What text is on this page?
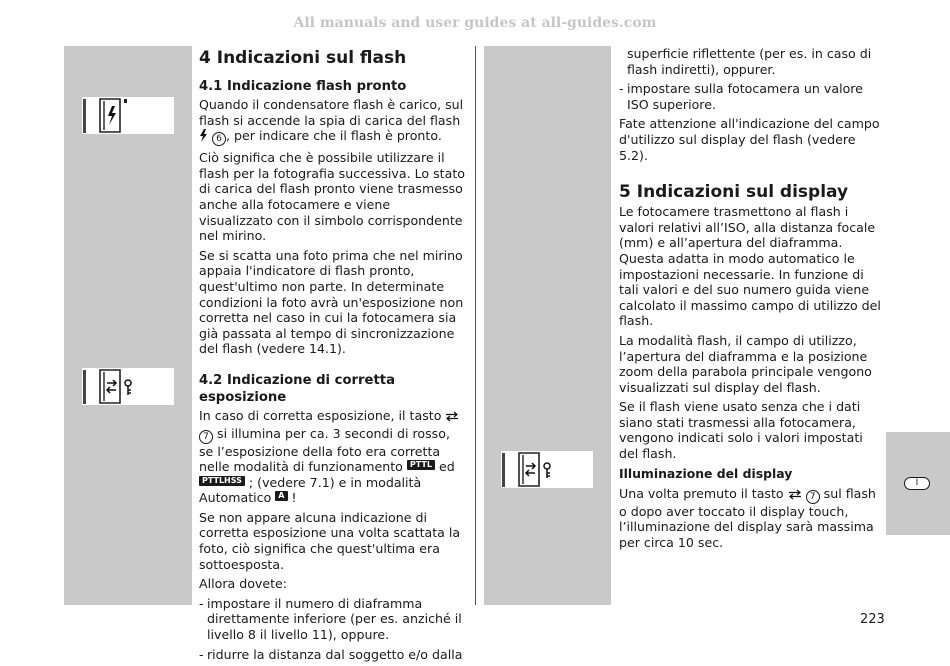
All manuals and user guides at all-guides.com
4 Indicazioni sul flash
4.1 Indicazione flash pronto

Quando il condensatore flash è carico, sul flash si accende la spia di carica del flash  6 , per indicare che il flash è pronto.

Ciò significa che è possibile utilizzare il flash per la fotografia successiva. Lo stato di carica del flash pronto viene trasmesso anche alla fotocamere e viene visualizzato con il simbolo corrispondente nel mirino.

Se si scatta una foto prima che nel mirino appaia l'indicatore di flash pronto, quest'ultimo non parte. In determinate condizioni la foto avrà un'esposizione non corretta nel caso in cui la fotocamera sia già passata al tempo di sincronizzazione del flash (vedere 14.1).

4.2 Indicazione di corretta esposizione

In caso di corretta esposizione, il tasto  7 si illumina per ca. 3 secondi di rosso, se l’esposizione della foto era corretta nelle modalità di funzionamento PTTL ed PTTLHSS ; (vedere 7.1) e in modalità Automatico A !

Se non appare alcuna indicazione di corretta esposizione una volta scattata la foto, ciò significa che quest'ultima era sottoesposta.

Allora dovete:

- impostare il numero di diaframma direttamente inferiore (per es. anziché il livello 8 il livello 11), oppure.
- ridurre la distanza dal soggetto e/o dalla

superficie riflettente (per es. in caso di flash indiretti), oppurer.

- impostare sulla fotocamera un valore ISO superiore.

Fate attenzione all'indicazione del campo d'utilizzo sul display del flash (vedere 5.2).

5 Indicazioni sul display

Le fotocamere trasmettono al flash i valori relativi all’ISO, alla distanza focale (mm) e all’apertura del diaframma. Questa adatta in modo automatico le impostazioni necessarie. In funzione di tali valori e del suo numero guida viene calcolato il massimo campo di utilizzo del flash.

La modalità flash, il campo di utilizzo, l’apertura del diaframma e la posizione zoom della parabola principale vengono visualizzati sul display del flash.

Se il flash viene usato senza che i dati siano stati trasmessi alla fotocamera, vengono indicati solo i valori impostati del flash.

Illuminazione del display

Una volta premuto il tasto  7 sul flash o dopo aver toccato il display touch, l’illuminazione del display sarà massima per circa 10 sec.

I
223
